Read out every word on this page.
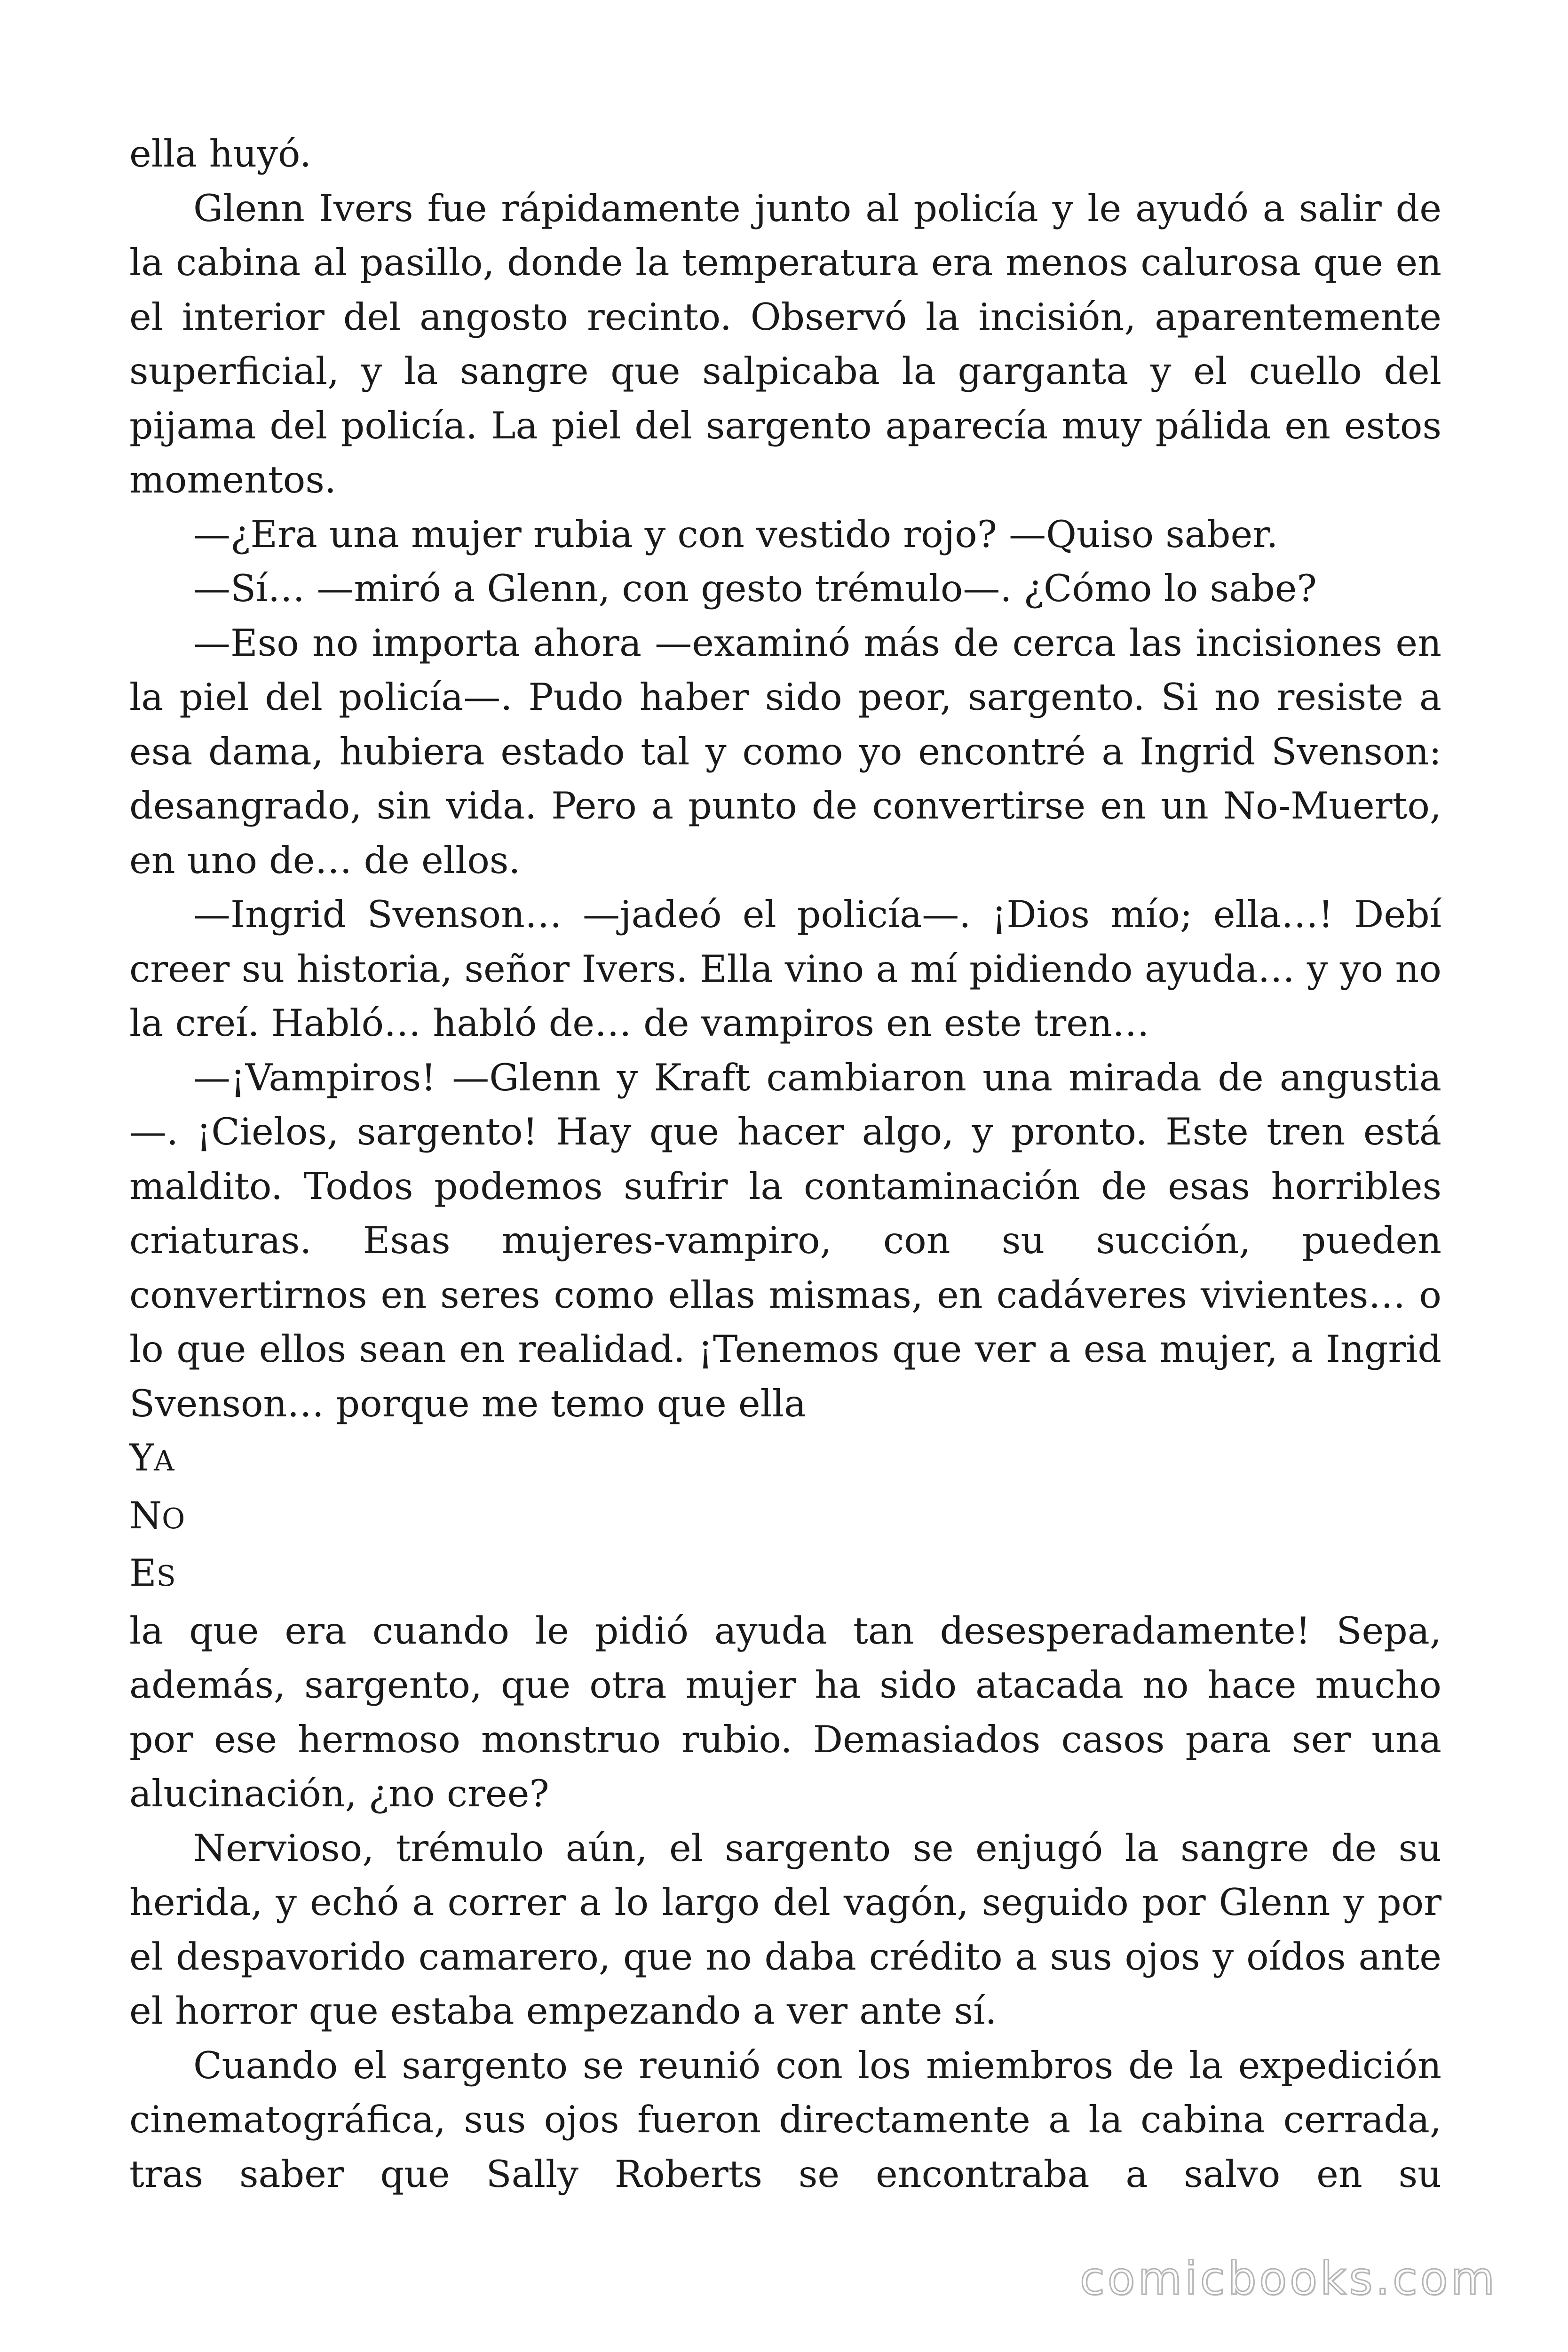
ella huyó.

Glenn Ivers fue rápidamente junto al policía y le ayudó a salir de la cabina al pasillo, donde la temperatura era menos calurosa que en el interior del angosto recinto. Observó la incisión, aparentemente superficial, y la sangre que salpicaba la garganta y el cuello del pijama del policía. La piel del sargento aparecía muy pálida en estos momentos.

—¿Era una mujer rubia y con vestido rojo? —Quiso saber.

—Sí… —miró a Glenn, con gesto trémulo—. ¿Cómo lo sabe?

—Eso no importa ahora —examinó más de cerca las incisiones en la piel del policía—. Pudo haber sido peor, sargento. Si no resiste a esa dama, hubiera estado tal y como yo encontré a Ingrid Svenson: desangrado, sin vida. Pero a punto de convertirse en un No-Muerto, en uno de… de ellos.

—Ingrid Svenson… —jadeó el policía—. ¡Dios mío; ella…! Debí creer su historia, señor Ivers. Ella vino a mí pidiendo ayuda… y yo no la creí. Habló… habló de… de vampiros en este tren…

—¡Vampiros! —Glenn y Kraft cambiaron una mirada de angustia —. ¡Cielos, sargento! Hay que hacer algo, y pronto. Este tren está maldito. Todos podemos sufrir la contaminación de esas horribles criaturas. Esas mujeres-vampiro, con su succión, pueden convertirnos en seres como ellas mismas, en cadáveres vivientes… o lo que ellos sean en realidad. ¡Tenemos que ver a esa mujer, a Ingrid Svenson… porque me temo que ella

YA

NO

ES

la que era cuando le pidió ayuda tan desesperadamente! Sepa, además, sargento, que otra mujer ha sido atacada no hace mucho por ese hermoso monstruo rubio. Demasiados casos para ser una alucinación, ¿no cree?

Nervioso, trémulo aún, el sargento se enjugó la sangre de su herida, y echó a correr a lo largo del vagón, seguido por Glenn y por el despavorido camarero, que no daba crédito a sus ojos y oídos ante el horror que estaba empezando a ver ante sí.

Cuando el sargento se reunió con los miembros de la expedición cinematográfica, sus ojos fueron directamente a la cabina cerrada, tras saber que Sally Roberts se encontraba a salvo en su

comicbooks.com
